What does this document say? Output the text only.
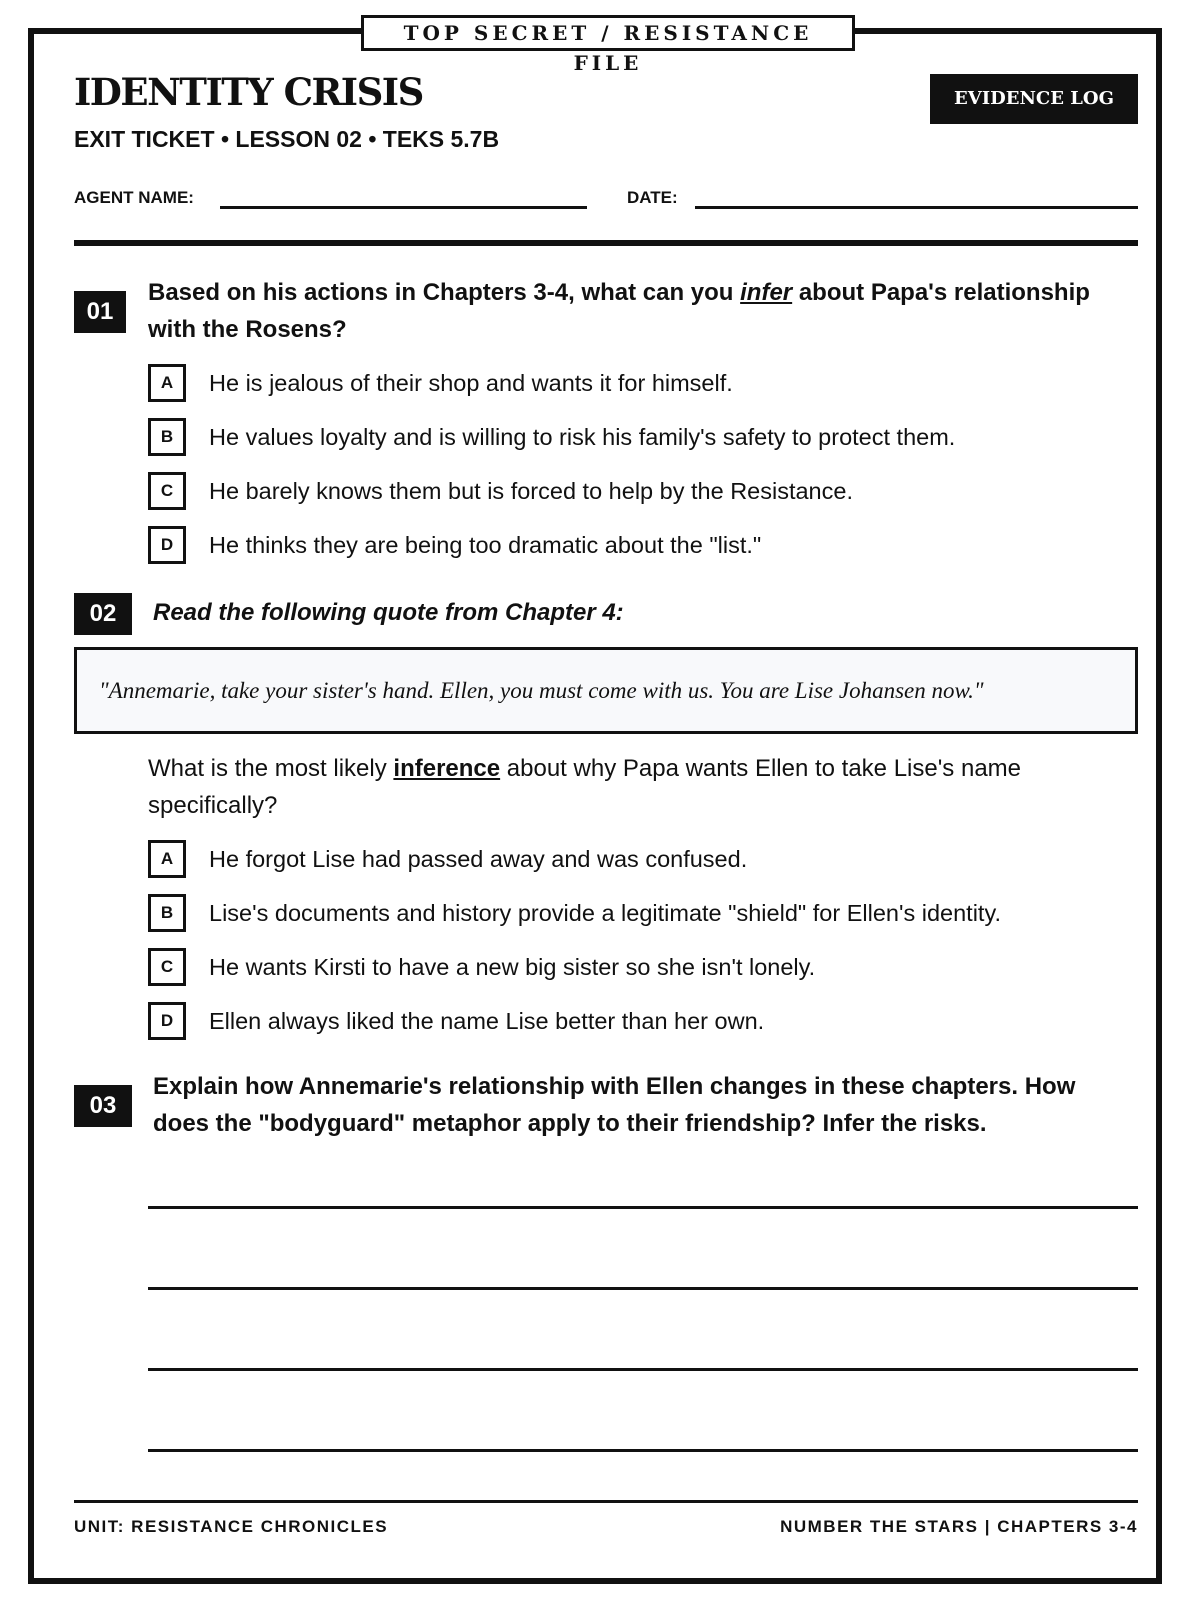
TOP SECRET / RESISTANCE FILE
IDENTITY CRISIS
EXIT TICKET • LESSON 02 • TEKS 5.7B
EVIDENCE LOG
AGENT NAME:	DATE:
01
Based on his actions in Chapters 3-4, what can you infer about Papa's relationship with the Rosens?
A	He is jealous of their shop and wants it for himself.
B	He values loyalty and is willing to risk his family's safety to protect them.
C	He barely knows them but is forced to help by the Resistance.
D	He thinks they are being too dramatic about the "list."
02	Read the following quote from Chapter 4:
"Annemarie, take your sister's hand. Ellen, you must come with us. You are Lise Johansen now."
What is the most likely inference about why Papa wants Ellen to take Lise's name specifically?
A	He forgot Lise had passed away and was confused.
B	Lise's documents and history provide a legitimate "shield" for Ellen's identity.
C	He wants Kirsti to have a new big sister so she isn't lonely.
D	Ellen always liked the name Lise better than her own.
03
Explain how Annemarie's relationship with Ellen changes in these chapters. How does the "bodyguard" metaphor apply to their friendship? Infer the risks.
UNIT: RESISTANCE CHRONICLES	NUMBER THE STARS | CHAPTERS 3-4
